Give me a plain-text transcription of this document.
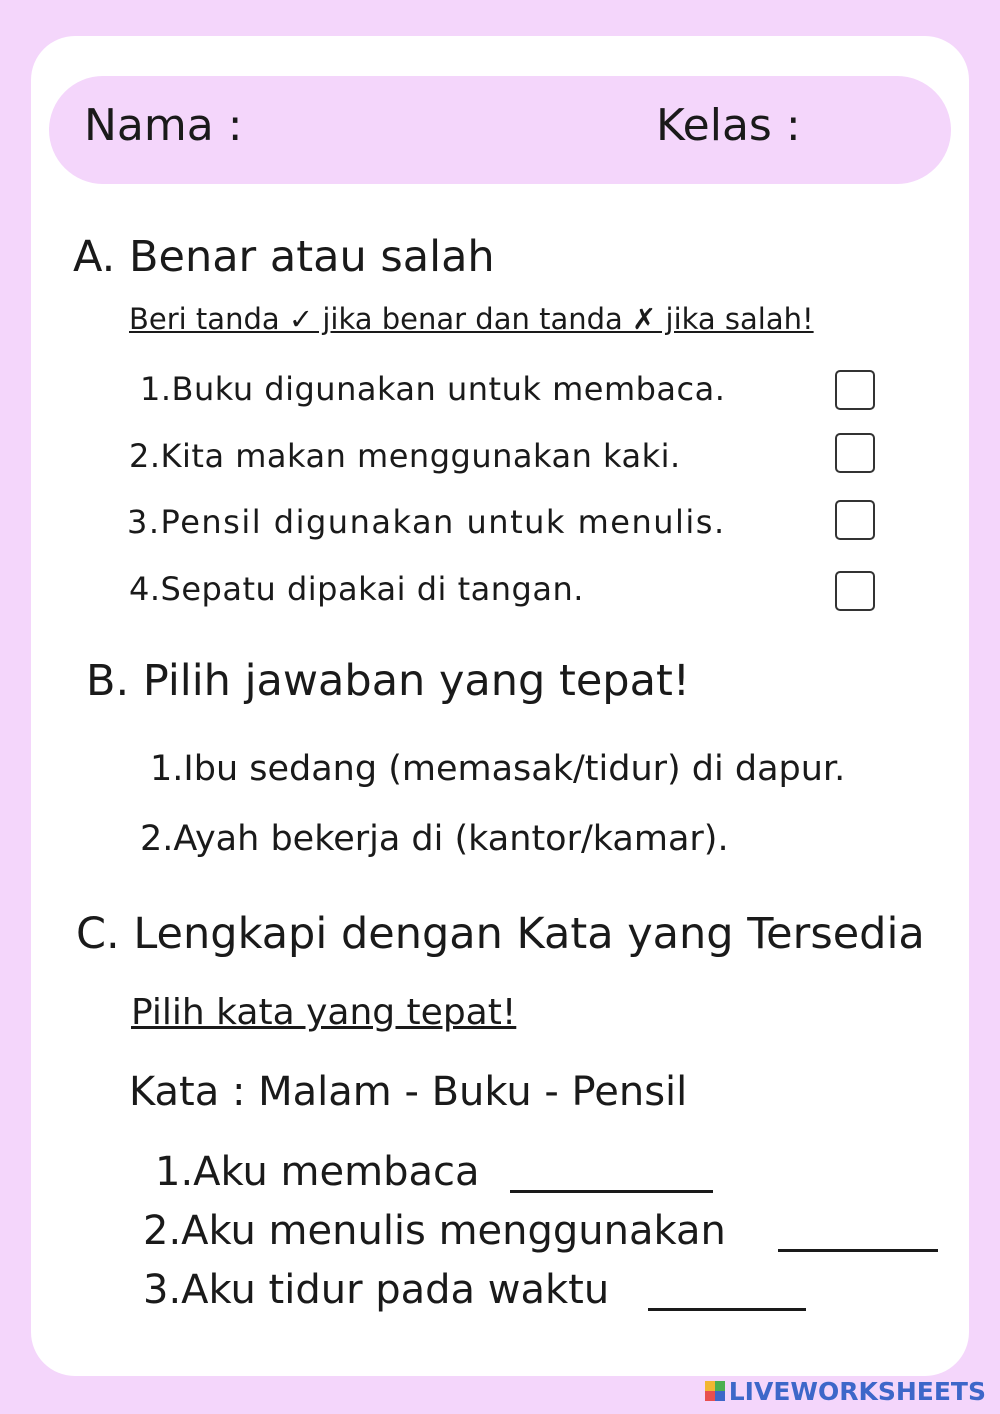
Nama :	Kelas :
A. Benar atau salah
Beri tanda ✓ jika benar dan tanda ✗ jika salah!
1.Buku digunakan untuk membaca.
2.Kita makan menggunakan kaki.
3.Pensil digunakan untuk menulis.
4.Sepatu dipakai di tangan.
B. Pilih jawaban yang tepat!
1.Ibu sedang (memasak/tidur) di dapur.
2.Ayah bekerja di (kantor/kamar).
C. Lengkapi dengan Kata yang Tersedia
Pilih kata yang tepat!
Kata : Malam - Buku - Pensil
1.Aku membaca
2.Aku menulis menggunakan
3.Aku tidur pada waktu
LIVEWORKSHEETS
